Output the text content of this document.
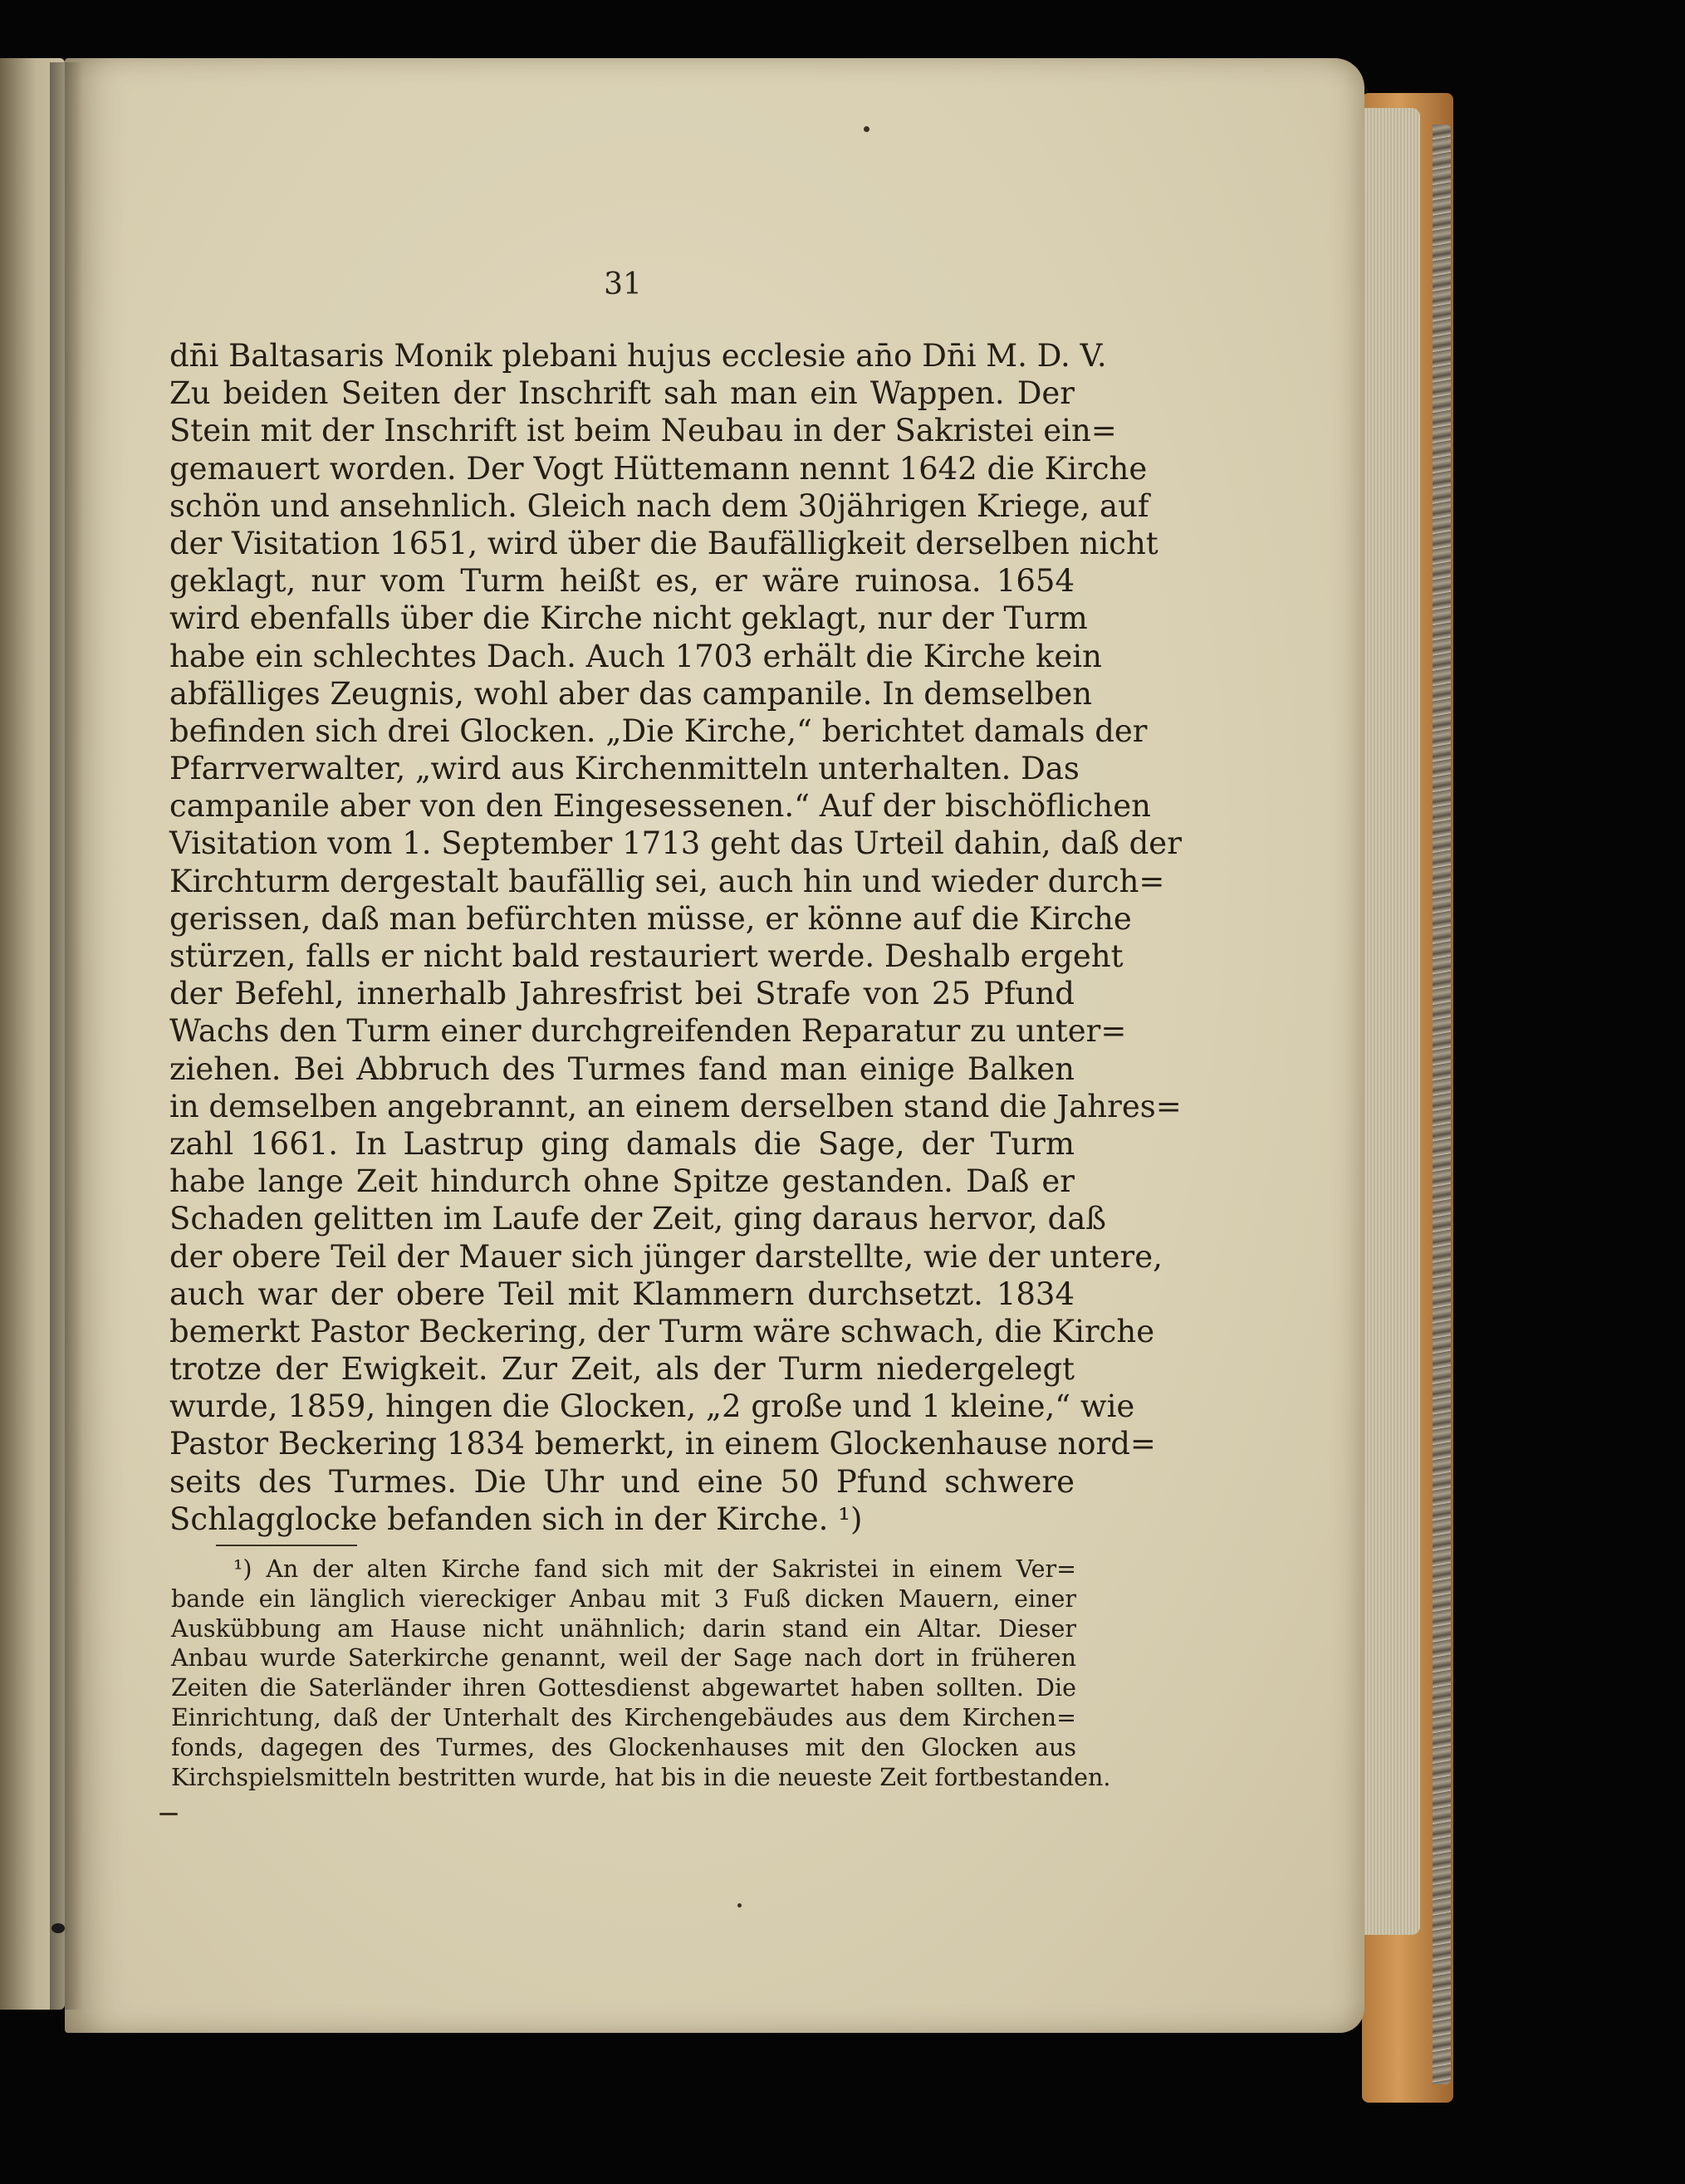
31
dn̄i Baltasaris Monik plebani hujus ecclesie an̄o Dn̄i M. D. V.
Zu beiden Seiten der Inschrift sah man ein Wappen. Der
Stein mit der Inschrift ist beim Neubau in der Sakristei ein=
gemauert worden. Der Vogt Hüttemann nennt 1642 die Kirche
schön und ansehnlich. Gleich nach dem 30jährigen Kriege, auf
der Visitation 1651, wird über die Baufälligkeit derselben nicht
geklagt, nur vom Turm heißt es, er wäre ruinosa. 1654
wird ebenfalls über die Kirche nicht geklagt, nur der Turm
habe ein schlechtes Dach. Auch 1703 erhält die Kirche kein
abfälliges Zeugnis, wohl aber das campanile. In demselben
befinden sich drei Glocken. „Die Kirche,“ berichtet damals der
Pfarrverwalter, „wird aus Kirchenmitteln unterhalten. Das
campanile aber von den Eingesessenen.“ Auf der bischöflichen
Visitation vom 1. September 1713 geht das Urteil dahin, daß der
Kirchturm dergestalt baufällig sei, auch hin und wieder durch=
gerissen, daß man befürchten müsse, er könne auf die Kirche
stürzen, falls er nicht bald restauriert werde. Deshalb ergeht
der Befehl, innerhalb Jahresfrist bei Strafe von 25 Pfund
Wachs den Turm einer durchgreifenden Reparatur zu unter=
ziehen. Bei Abbruch des Turmes fand man einige Balken
in demselben angebrannt, an einem derselben stand die Jahres=
zahl 1661. In Lastrup ging damals die Sage, der Turm
habe lange Zeit hindurch ohne Spitze gestanden. Daß er
Schaden gelitten im Laufe der Zeit, ging daraus hervor, daß
der obere Teil der Mauer sich jünger darstellte, wie der untere,
auch war der obere Teil mit Klammern durchsetzt. 1834
bemerkt Pastor Beckering, der Turm wäre schwach, die Kirche
trotze der Ewigkeit. Zur Zeit, als der Turm niedergelegt
wurde, 1859, hingen die Glocken, „2 große und 1 kleine,“ wie
Pastor Beckering 1834 bemerkt, in einem Glockenhause nord=
seits des Turmes. Die Uhr und eine 50 Pfund schwere
Schlagglocke befanden sich in der Kirche. ¹)
¹) An der alten Kirche fand sich mit der Sakristei in einem Ver=
bande ein länglich viereckiger Anbau mit 3 Fuß dicken Mauern, einer
Auskübbung am Hause nicht unähnlich; darin stand ein Altar. Dieser
Anbau wurde Saterkirche genannt, weil der Sage nach dort in früheren
Zeiten die Saterländer ihren Gottesdienst abgewartet haben sollten. Die
Einrichtung, daß der Unterhalt des Kirchengebäudes aus dem Kirchen=
fonds, dagegen des Turmes, des Glockenhauses mit den Glocken aus
Kirchspielsmitteln bestritten wurde, hat bis in die neueste Zeit fortbestanden.
